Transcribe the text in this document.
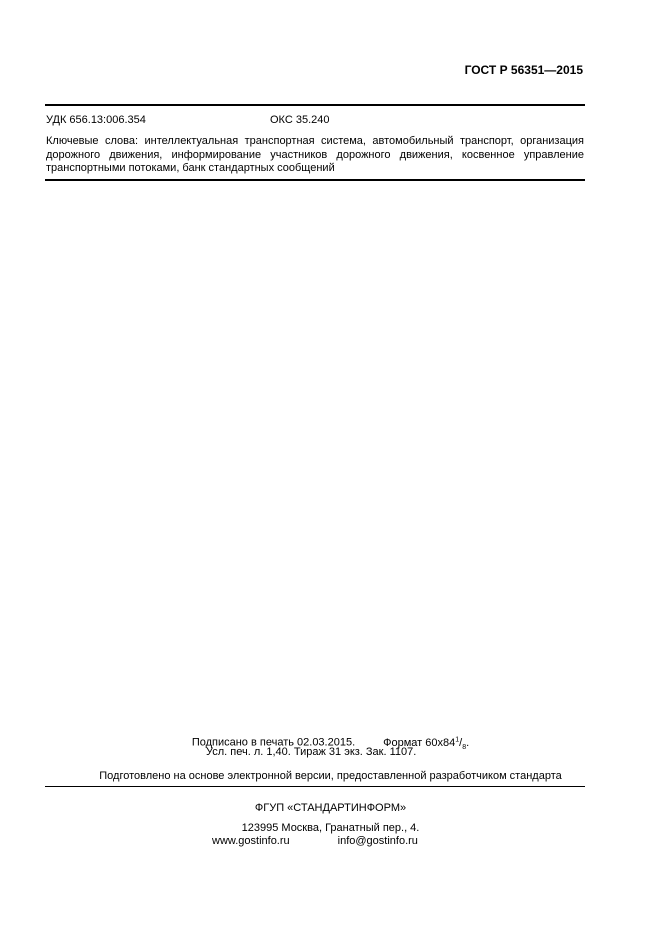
ГОСТ Р 56351—2015
УДК 656.13:006.354	ОКС 35.240
Ключевые слова: интеллектуальная транспортная система, автомобильный транспорт, организация дорожного движения, информирование участников дорожного движения, косвенное управление транспортными потоками, банк стандартных сообщений
Подписано в печать 02.03.2015.	Формат $60х84^1/_8$.
Усл. печ. л. 1,40. Тираж 31 экз. Зак. 1107.
Подготовлено на основе электронной версии, предоставленной разработчиком стандарта
ФГУП «СТАНДАРТИНФОРМ»
123995 Москва, Гранатный пер., 4.
www.gostinfo.ru	info@gostinfo.ru
